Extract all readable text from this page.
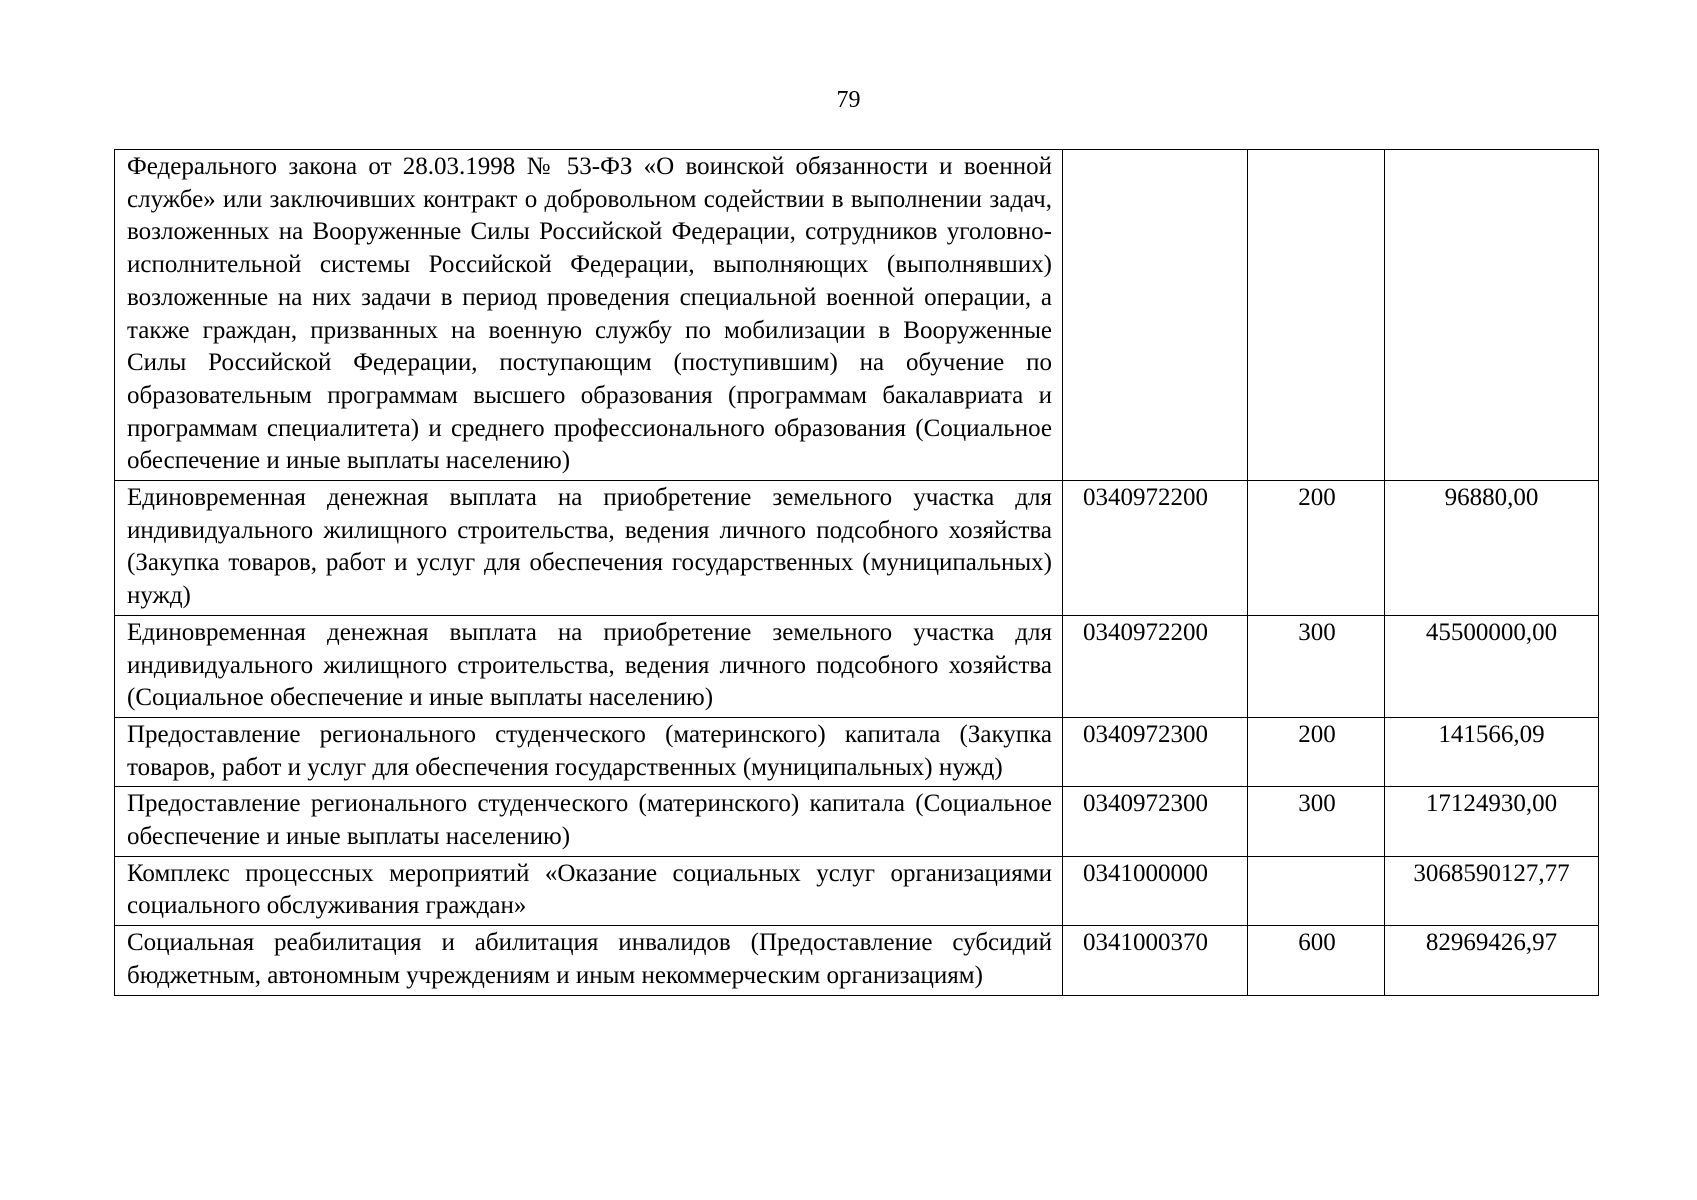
79
Федерального закона от 28.03.1998 № 53-ФЗ «О воинской обязанности и военной службе» или заключивших контракт о добровольном содействии в выполнении задач, возложенных на Вооруженные Силы Российской Федерации, сотрудников уголовно-исполнительной системы Российской Федерации, выполняющих (выполнявших) возложенные на них задачи в период проведения специальной военной операции, а также граждан, призванных на военную службу по мобилизации в Вооруженные Силы Российской Федерации, поступающим (поступившим) на обучение по образовательным программам высшего образования (программам бакалавриата и программам специалитета) и среднего профессионального образования (Социальное обеспечение и иные выплаты населению)			
Единовременная денежная выплата на приобретение земельного участка для индивидуального жилищного строительства, ведения личного подсобного хозяйства (Закупка товаров, работ и услуг для обеспечения государственных (муниципальных) нужд)	0340972200	200	96880,00
Единовременная денежная выплата на приобретение земельного участка для индивидуального жилищного строительства, ведения личного подсобного хозяйства (Социальное обеспечение и иные выплаты населению)	0340972200	300	45500000,00
Предоставление регионального студенческого (материнского) капитала (Закупка товаров, работ и услуг для обеспечения государственных (муниципальных) нужд)	0340972300	200	141566,09
Предоставление регионального студенческого (материнского) капитала (Социальное обеспечение и иные выплаты населению)	0340972300	300	17124930,00
Комплекс процессных мероприятий «Оказание социальных услуг организациями социального обслуживания граждан»	0341000000		3068590127,77
Социальная реабилитация и абилитация инвалидов (Предоставление субсидий бюджетным, автономным учреждениям и иным некоммерческим организациям)	0341000370	600	82969426,97
